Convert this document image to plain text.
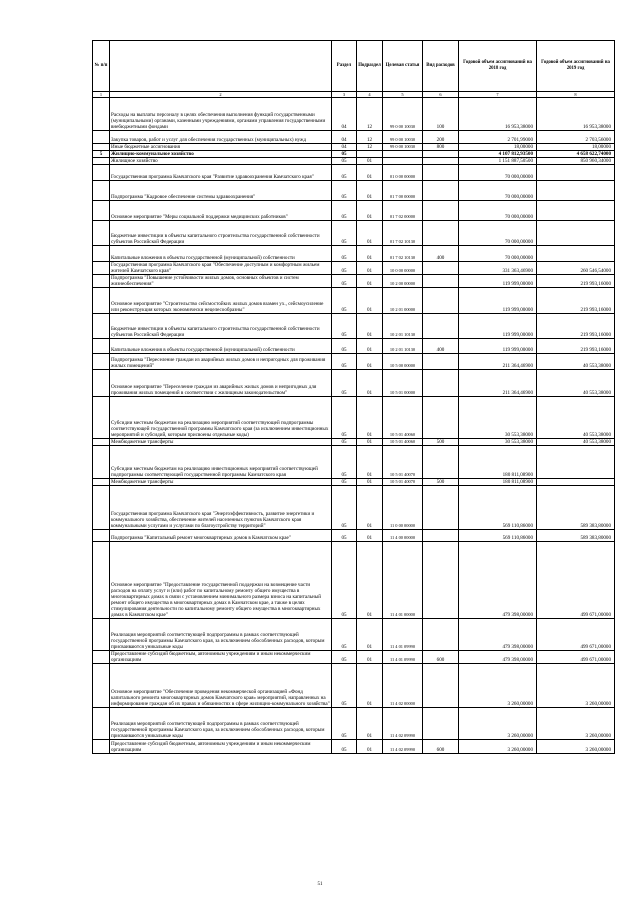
№ п/п		Раздел	Подраздел	Целевая статья	Вид расходов	Годовой объем ассигнований на 2018 год	Годовой объем ассигнований на 2019 год
1	2	3	4	5	6	7	8
	Расходы на выплаты персоналу в целях обеспечения выполнения функций государственными (муниципальными) органами, казенными учреждениями, органами управления государственными внебюджетными фондами	04	12	99 0 00 10030	100	16 953,38000	16 953,38000
	Закупка товаров, работ и услуг для обеспечения государственных (муниципальных) нужд	04	12	99 0 00 10030	200	2 701,99000	2 703,56000
	Иные бюджетные ассигнования	04	12	99 0 00 10030	800	18,00000	18,00000
5	Жилищно-коммунальное хозяйство	05				4 107 812,93500	4 658 622,74000
	Жилищное хозяйство	05	01			1 151 887,50500	850 960,34000
	Государственная программа Камчатского края "Развитие здравоохранения Камчатского края"	05	01	01 0 00 00000		70 000,00000	
	Подпрограмма "Кадровое обеспечение системы здравоохранения"	05	01	01 7 00 00000		70 000,00000	
	Основное мероприятие "Меры социальной поддержки медицинских работников"	05	01	01 7 02 00000		70 000,00000	
	Бюджетные инвестиции в объекты капитального строительства государственной собственности субъектов Российской Федерации	05	01	01 7 02 10130		70 000,00000	
	Капитальные вложения в объекты государственной (муниципальной) собственности	05	01	01 7 02 10130	400	70 000,00000	
	Государственная программа Камчатского края "Обеспечение доступным и комфортным жильем жителей Камчатского края"	05	01	10 0 00 00000		331 363,46900	260 546,54000
	Подпрограмма "Повышение устойчивости жилых домов, основных объектов и систем жизнеобеспечения"	05	01	10 2 00 00000		119 999,00000	219 993,16000
	Основное мероприятие "Строительство сейсмостойких жилых домов взамен ух., сейсмоусиление или реконструкция которых экономически нецелесообразны"	05	01	10 2 01 00000		119 999,00000	219 993,16000
	Бюджетные инвестиции в объекты капитального строительства государственной собственности субъектов Российской Федерации	05	01	10 2 01 10130		119 999,00000	219 993,16000
	Капитальные вложения в объекты государственной (муниципальной) собственности	05	01	10 2 01 10130	400	119 999,00000	219 993,16000
	Подпрограмма "Переселение граждан из аварийных жилых домов и непригодных для проживания жилых помещений"	05	01	10 5 00 00000		211 364,46900	40 553,38000
	Основное мероприятие "Переселение граждан из аварийных жилых домов и непригодных для проживания жилых помещений в соответствии с жилищным законодательством"	05	01	10 5 01 00000		211 364,46900	40 553,38000
	Субсидии местным бюджетам на реализацию мероприятий соответствующей подпрограммы соответствующей государственной программы Камчатского края (за исключением инвестиционных мероприятий и субсидий, которым присвоены отдельные коды)	05	01	10 5 01 40060		30 553,38000	40 553,38000
	Межбюджетные трансферты	05	01	10 5 01 40060	500	30 553,38000	40 553,38000
	Субсидии местным бюджетам на реализацию инвестиционных мероприятий соответствующей подпрограммы соответствующей государственной программы Камчатского края	05	01	10 5 01 40070		180 811,08900	
	Межбюджетные трансферты	05	01	10 5 01 40070	500	180 811,08900	
	Государственная программа Камчатского края "Энергоэффективность, развитие энергетики и коммунального хозяйства, обеспечение жителей населенных пунктов Камчатского края коммунальными услугами и услугами по благоустройству территорий"	05	01	11 0 00 00000		569 110,86000	589 383,80000
	Подпрограмма "Капитальный ремонт многоквартирных домов в Камчатском крае"	05	01	11 4 00 00000		569 110,86000	589 383,80000
	Основное мероприятие "Предоставление государственной поддержки на возмещение части расходов на оплату услуг и (или) работ по капитальному ремонту общего имущества в многоквартирных домах в связи с установлением минимального размера взноса на капитальный ремонт общего имущества в многоквартирных домах в Камчатском крае, а также в целях стимулирования деятельности по капитальному ремонту общего имущества в многоквартирных домах в Камчатском крае"	05	01	11 4 01 00000		479 398,00000	499 671,00000
	Реализация мероприятий соответствующей подпрограммы в рамках соответствующей государственной программы Камчатского края, за исключением обособленных расходов, которым присваиваются уникальные коды	05	01	11 4 01 09990		479 398,00000	499 671,00000
	Предоставление субсидий бюджетным, автономным учреждениям и иным некоммерческим организациям	05	01	11 4 01 09990	600	479 398,00000	499 671,00000
	Основное мероприятие "Обеспечение проведения некоммерческой организацией «Фонд капитального ремонта многоквартирных домов Камчатского края» мероприятий, направленных на информирование граждан об их правах и обязанностях в сфере жилищно-коммунального хозяйства"	05	01	11 4 02 00000		3 260,00000	3 260,00000
	Реализация мероприятий соответствующей подпрограммы в рамках соответствующей государственной программы Камчатского края, за исключением обособленных расходов, которым присваиваются уникальные коды	05	01	11 4 02 09990		3 260,00000	3 260,00000
	Предоставление субсидий бюджетным, автономным учреждениям и иным некоммерческим организациям	05	01	11 4 02 09990	600	3 260,00000	3 260,00000
51
